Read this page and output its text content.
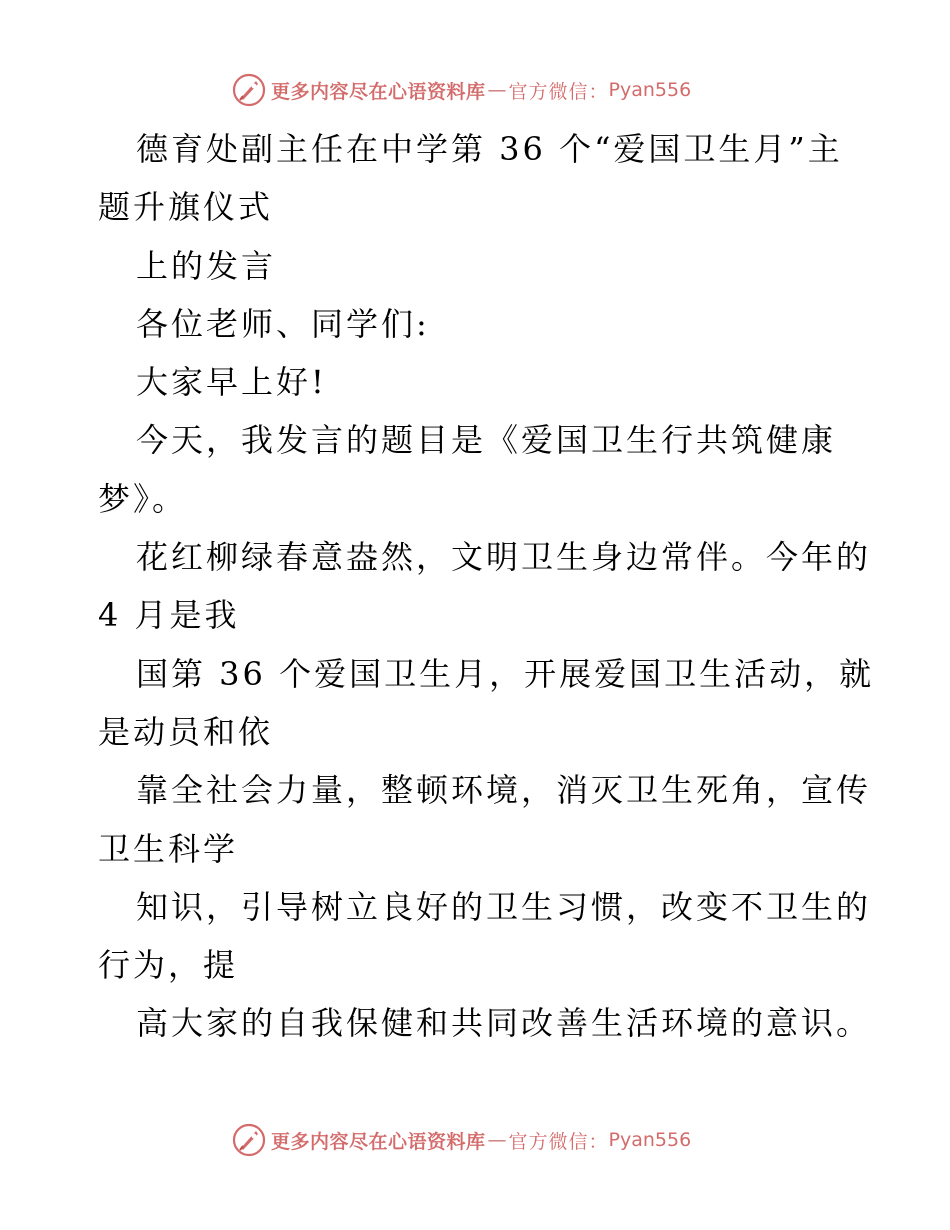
更多内容尽在心语资料库 — 官方微信： Pyan556
德育处副主任在中学第 36 个“爱国卫生月”主
题升旗仪式
上的发言
各位老师、同学们:
大家早上好!
今天，我发言的题目是《爱国卫生行共筑健康
梦》。
花红柳绿春意盎然，文明卫生身边常伴。今年的
4 月是我
国第 36 个爱国卫生月，开展爱国卫生活动，就
是动员和依
靠全社会力量，整顿环境，消灭卫生死角，宣传
卫生科学
知识，引导树立良好的卫生习惯，改变不卫生的
行为，提
高大家的自我保健和共同改善生活环境的意识。
更多内容尽在心语资料库 — 官方微信： Pyan556
